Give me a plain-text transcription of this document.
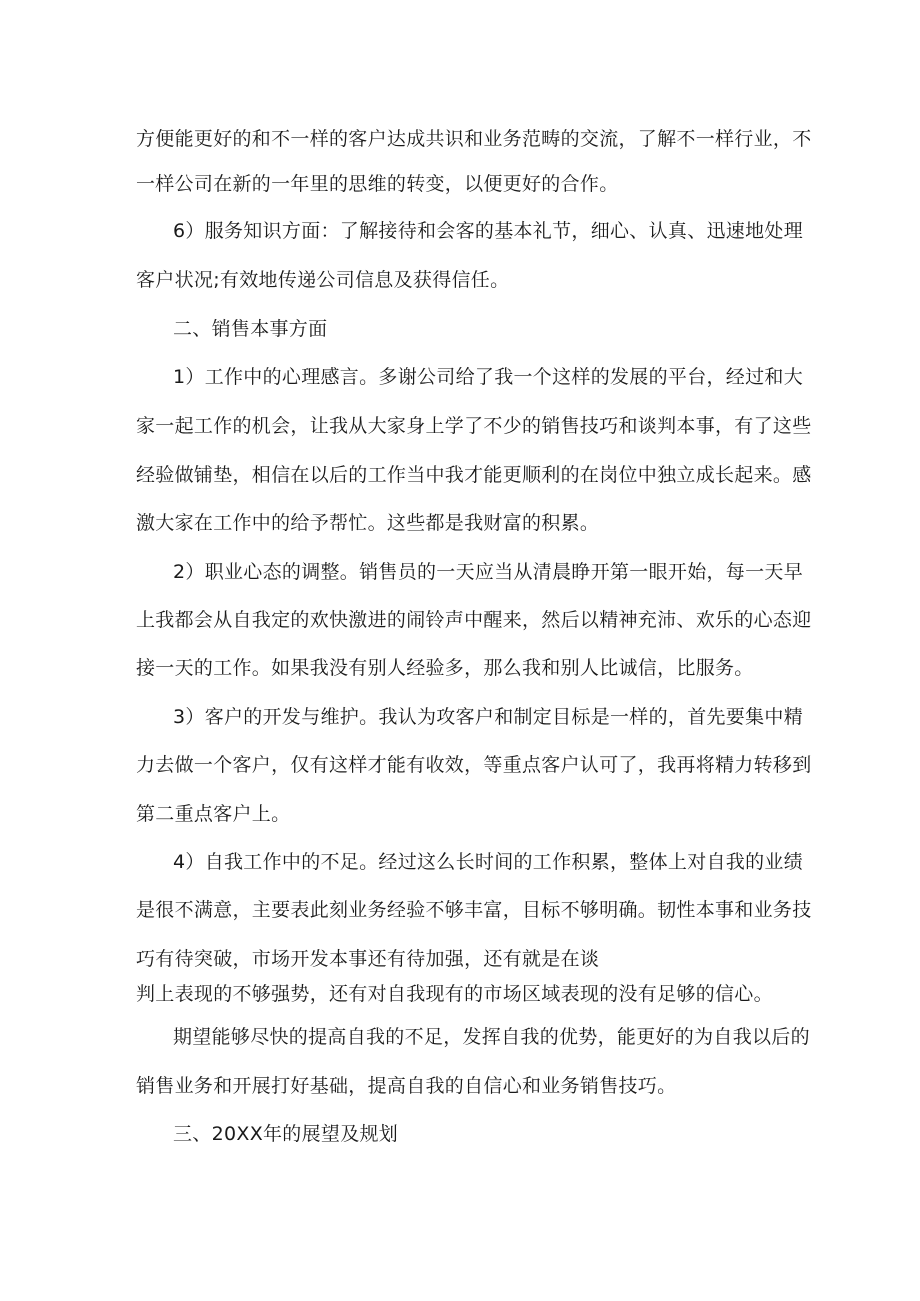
方便能更好的和不一样的客户达成共识和业务范畴的交流，了解不一样行业，不
一样公司在新的一年里的思维的转变，以便更好的合作。
6）服务知识方面：了解接待和会客的基本礼节，细心、认真、迅速地处理
客户状况;有效地传递公司信息及获得信任。
二、销售本事方面
1）工作中的心理感言。多谢公司给了我一个这样的发展的平台，经过和大
家一起工作的机会，让我从大家身上学了不少的销售技巧和谈判本事，有了这些
经验做铺垫，相信在以后的工作当中我才能更顺利的在岗位中独立成长起来。感
激大家在工作中的给予帮忙。这些都是我财富的积累。
2）职业心态的调整。销售员的一天应当从清晨睁开第一眼开始，每一天早
上我都会从自我定的欢快激进的闹铃声中醒来，然后以精神充沛、欢乐的心态迎
接一天的工作。如果我没有别人经验多，那么我和别人比诚信，比服务。
3）客户的开发与维护。我认为攻客户和制定目标是一样的，首先要集中精
力去做一个客户，仅有这样才能有收效，等重点客户认可了，我再将精力转移到
第二重点客户上。
4）自我工作中的不足。经过这么长时间的工作积累，整体上对自我的业绩
是很不满意，主要表此刻业务经验不够丰富，目标不够明确。韧性本事和业务技
巧有待突破，市场开发本事还有待加强，还有就是在谈
判上表现的不够强势，还有对自我现有的市场区域表现的没有足够的信心。
期望能够尽快的提高自我的不足，发挥自我的优势，能更好的为自我以后的
销售业务和开展打好基础，提高自我的自信心和业务销售技巧。
三、20XX年的展望及规划
